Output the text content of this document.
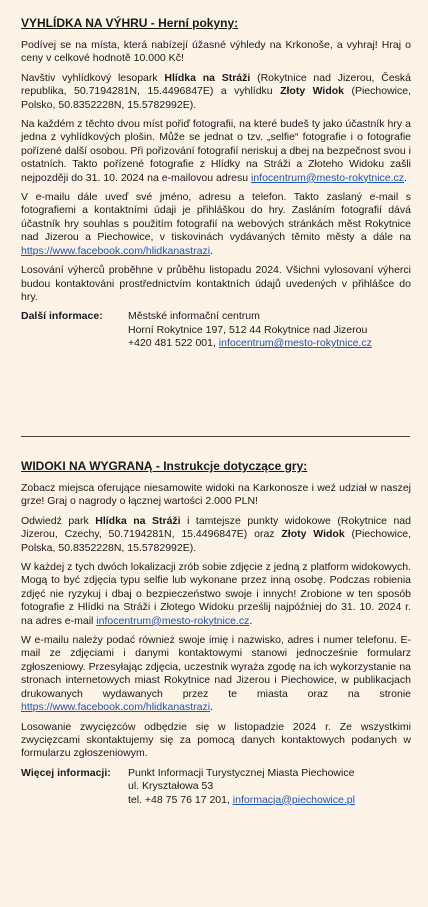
VYHLÍDKA NA VÝHRU - Herní pokyny:

Podívej se na místa, která nabízejí úžasné výhledy na Krkonoše, a vyhraj! Hraj o ceny v celkové hodnotě 10.000 Kč!

Navštiv vyhlídkový lesopark Hlídka na Stráži (Rokytnice nad Jizerou, Česká republika, 50.7194281N, 15.4496847E) a vyhlídku Złoty Widok (Piechowice, Polsko, 50.8352228N, 15.5782992E).

Na každém z těchto dvou míst pořiď fotografii, na které budeš ty jako účastník hry a jedna z vyhlídkových plošin. Může se jednat o tzv. „selfie“ fotografie i o fotografie pořízené další osobou. Při pořizování fotografií neriskuj a dbej na bezpečnost svou i ostatních. Takto pořízené fotografie z Hlídky na Stráži a Złoteho Widoku zašli nejpozději do 31. 10. 2024 na e-mailovou adresu infocentrum@mesto-rokytnice.cz.

V e-mailu dále uveď své jméno, adresu a telefon. Takto zaslaný e-mail s fotografiemi a kontaktními údaji je přihláškou do hry. Zasláním fotografií dává účastník hry souhlas s použitím fotografií na webových stránkách měst Rokytnice nad Jizerou a Piechowice, v tiskovinách vydávaných těmito městy a dále na https://www.facebook.com/hlidkanastrazi.

Losování výherců proběhne v průběhu listopadu 2024. Všichni vylosovaní výherci budou kontaktováni prostřednictvím kontaktních údajů uvedených v přihlášce do hry.

Další informace:	Městské informační centrum
Horní Rokytnice 197, 512 44 Rokytnice nad Jizerou
+420 481 522 001, infocentrum@mesto-rokytnice.cz
WIDOKI NA WYGRANĄ - Instrukcje dotyczące gry:

Zobacz miejsca oferujące niesamowite widoki na Karkonosze i weź udział w naszej grze! Graj o nagrody o łącznej wartości 2.000 PLN!

Odwiedź park Hlídka na Stráži i tamtejsze punkty widokowe (Rokytnice nad Jizerou, Czechy, 50.7194281N, 15.4496847E) oraz Złoty Widok (Piechowice, Polska, 50.8352228N, 15.5782992E).

W każdej z tych dwóch lokalizacji zrób sobie zdjęcie z jedną z platform widokowych. Mogą to być zdjęcia typu selfie lub wykonane przez inną osobę. Podczas robienia zdjęć nie ryzykuj i dbaj o bezpieczeństwo swoje i innych! Zrobione w ten sposób fotografie z Hlídki na Stráži i Złotego Widoku prześlij najpóźniej do 31. 10. 2024 r. na adres e-mail infocentrum@mesto-rokytnice.cz.

W e-mailu należy podać również swoje imię i nazwisko, adres i numer telefonu. E-mail ze zdjęciami i danymi kontaktowymi stanowi jednocześnie formularz zgłoszeniowy. Przesyłając zdjęcia, uczestnik wyraża zgodę na ich wykorzystanie na stronach internetowych miast Rokytnice nad Jizerou i Piechowice, w publikacjach drukowanych wydawanych przez te miasta oraz na stronie https://www.facebook.com/hlidkanastrazi.

Losowanie zwycięzców odbędzie się w listopadzie 2024 r. Ze wszystkimi zwycięzcami skontaktujemy się za pomocą danych kontaktowych podanych w formularzu zgłoszeniowym.

Więcej informacji:	Punkt Informacji Turystycznej Miasta Piechowice
ul. Kryształowa 53
tel. +48 75 76 17 201, informacja@piechowice.pl
